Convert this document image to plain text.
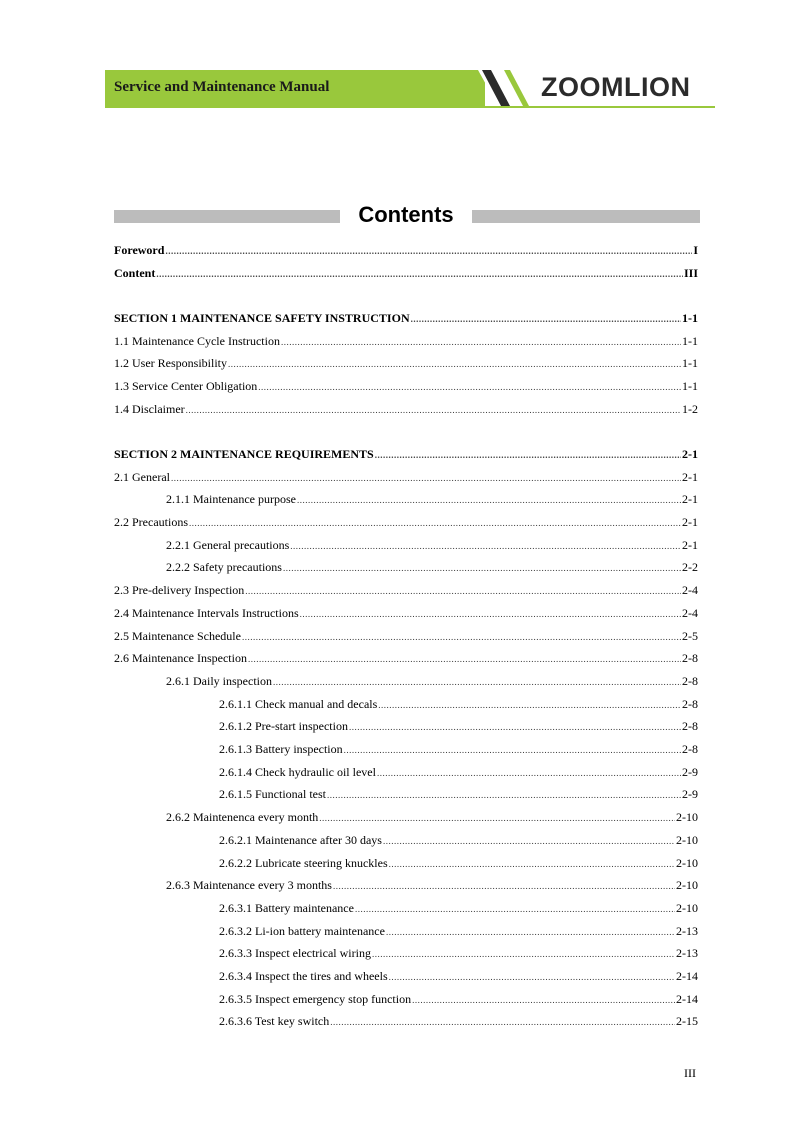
Service and Maintenance Manual	ZOOMLION
Contents
Foreword .....	I
Content .....	III
SECTION 1 MAINTENANCE SAFETY INSTRUCTION .....	1-1
1.1 Maintenance Cycle Instruction .....	1-1
1.2 User Responsibility .....	1-1
1.3 Service Center Obligation .....	1-1
1.4 Disclaimer .....	1-2
SECTION 2 MAINTENANCE REQUIREMENTS .....	2-1
2.1 General .....	2-1
2.1.1 Maintenance purpose .....	2-1
2.2 Precautions .....	2-1
2.2.1 General precautions .....	2-1
2.2.2 Safety precautions .....	2-2
2.3 Pre-delivery Inspection .....	2-4
2.4 Maintenance Intervals Instructions .....	2-4
2.5 Maintenance Schedule .....	2-5
2.6 Maintenance Inspection .....	2-8
2.6.1 Daily inspection .....	2-8
2.6.1.1 Check manual and decals .....	2-8
2.6.1.2 Pre-start inspection .....	2-8
2.6.1.3 Battery inspection .....	2-8
2.6.1.4 Check hydraulic oil level .....	2-9
2.6.1.5 Functional test .....	2-9
2.6.2 Maintenenca every month .....	2-10
2.6.2.1 Maintenance after 30 days .....	2-10
2.6.2.2 Lubricate steering knuckles .....	2-10
2.6.3 Maintenance every 3 months .....	2-10
2.6.3.1 Battery maintenance .....	2-10
2.6.3.2 Li-ion battery maintenance .....	2-13
2.6.3.3 Inspect electrical wiring .....	2-13
2.6.3.4 Inspect the tires and wheels .....	2-14
2.6.3.5 Inspect emergency stop function .....	2-14
2.6.3.6 Test key switch .....	2-15
III
